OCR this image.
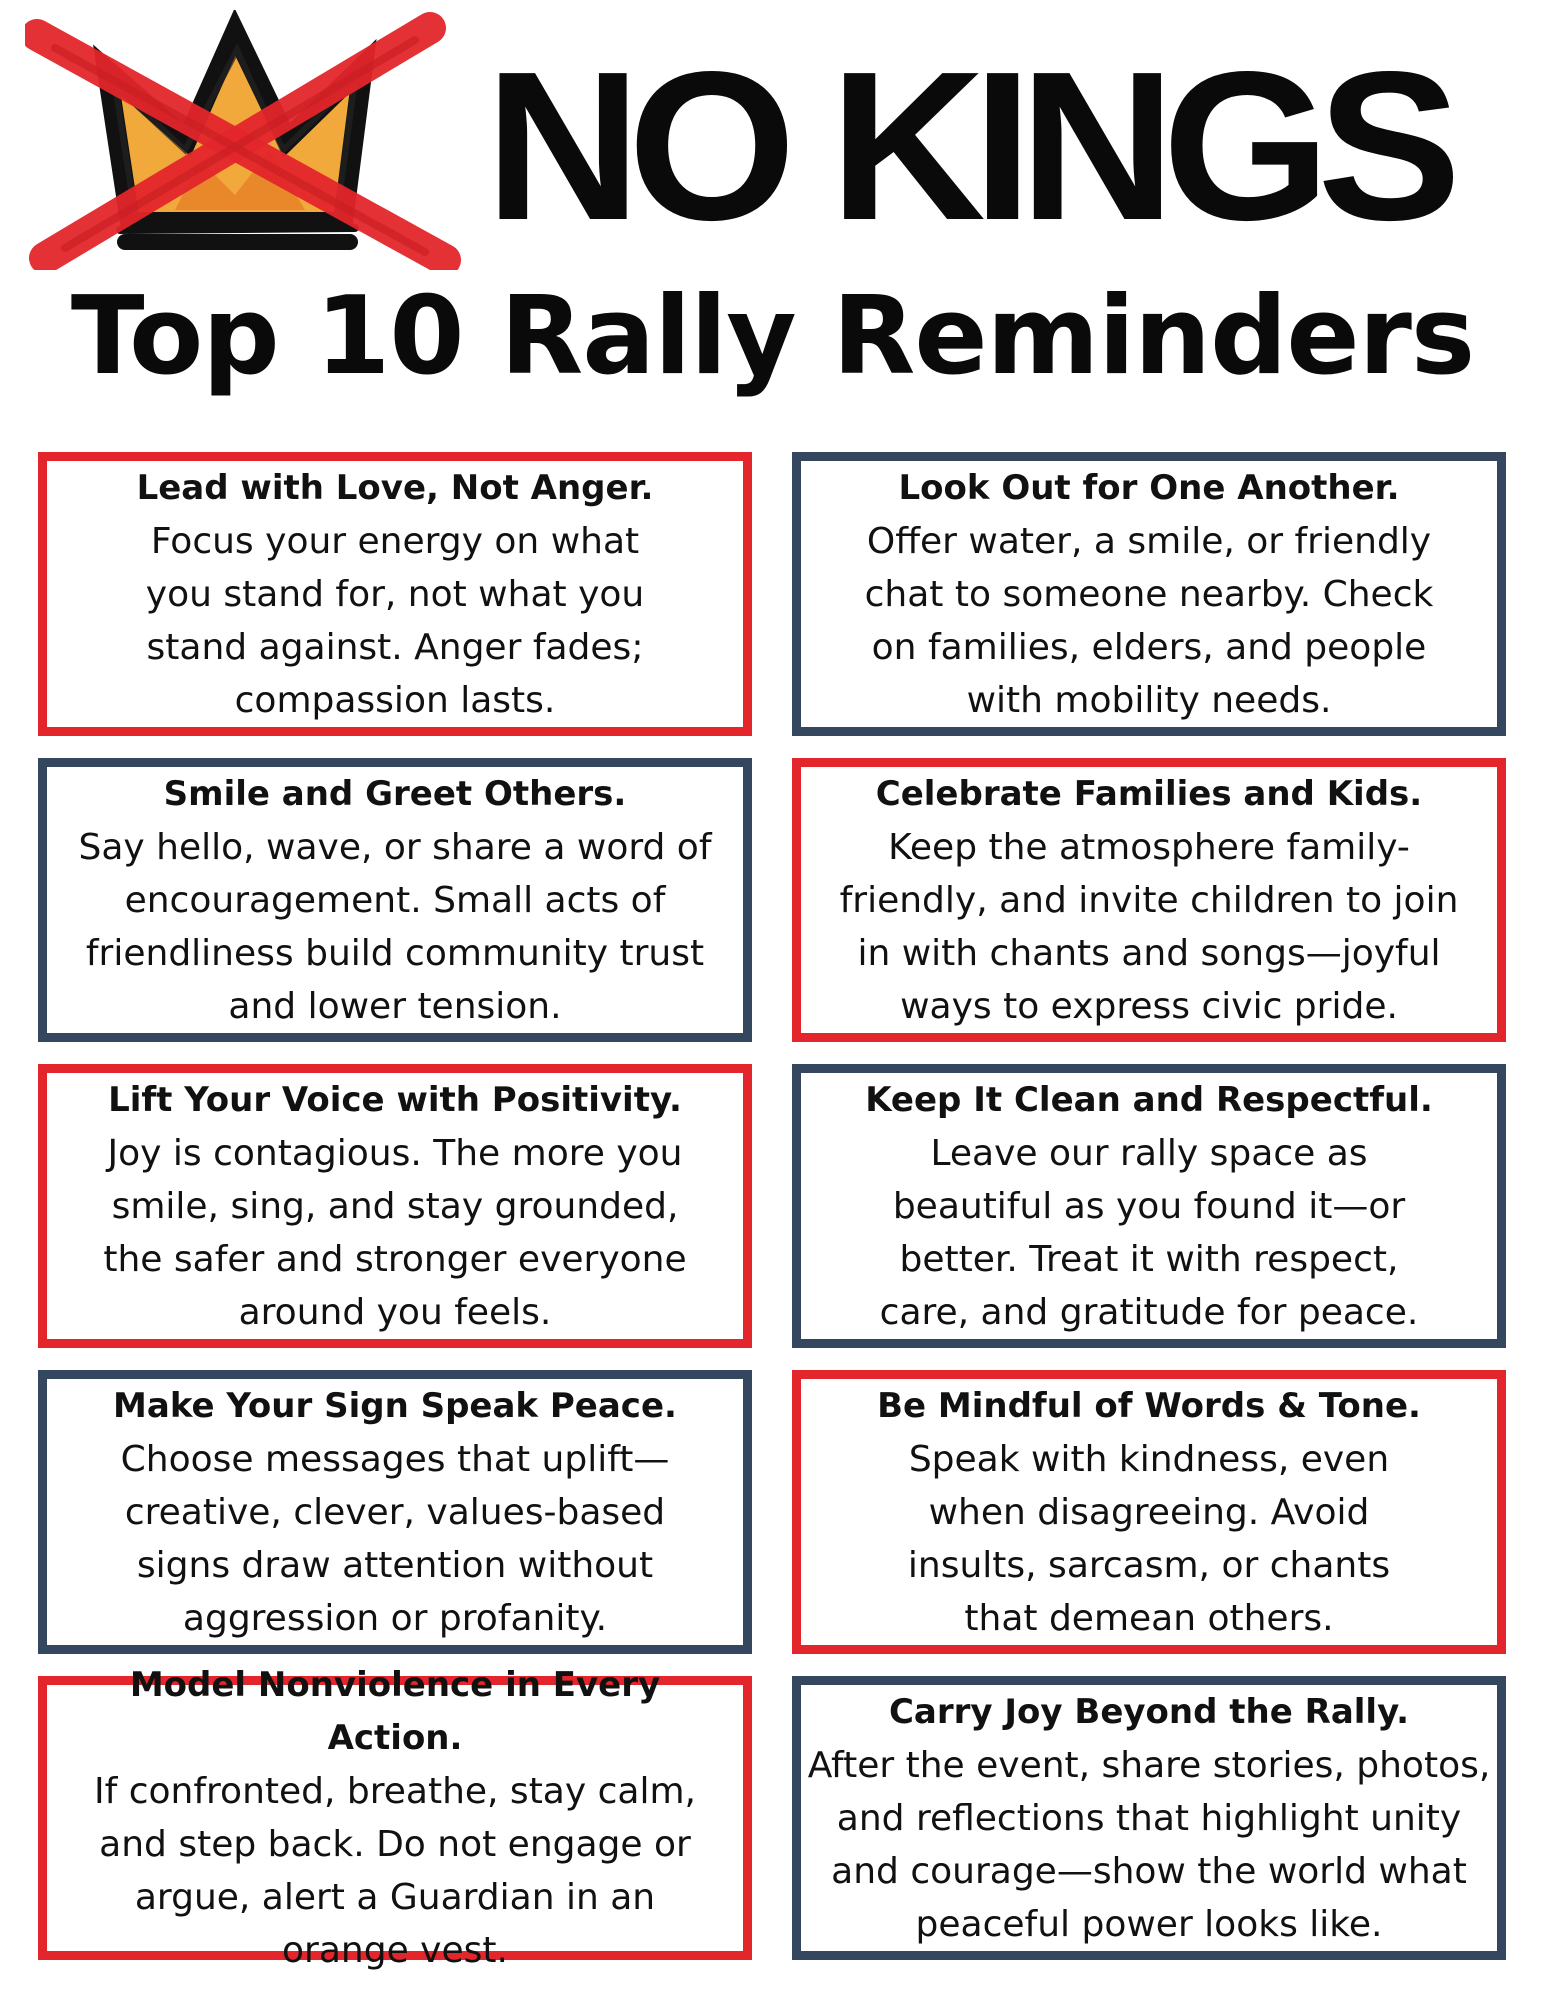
NO KINGS
Top 10 Rally Reminders
Lead with Love, Not Anger.
Focus your energy on what you stand for, not what you stand against. Anger fades; compassion lasts.
Look Out for One Another.
Offer water, a smile, or friendly chat to someone nearby. Check on families, elders, and people with mobility needs.
Smile and Greet Others.
Say hello, wave, or share a word of encouragement. Small acts of friendliness build community trust and lower tension.
Celebrate Families and Kids.
Keep the atmosphere family-friendly, and invite children to join in with chants and songs—joyful ways to express civic pride.
Lift Your Voice with Positivity.
Joy is contagious. The more you smile, sing, and stay grounded, the safer and stronger everyone around you feels.
Keep It Clean and Respectful.
Leave our rally space as beautiful as you found it—or better. Treat it with respect, care, and gratitude for peace.
Make Your Sign Speak Peace.
Choose messages that uplift—creative, clever, values-based signs draw attention without aggression or profanity.
Be Mindful of Words & Tone.
Speak with kindness, even when disagreeing. Avoid insults, sarcasm, or chants that demean others.
Model Nonviolence in Every Action.
If confronted, breathe, stay calm, and step back. Do not engage or argue, alert a Guardian in an orange vest.
Carry Joy Beyond the Rally.
After the event, share stories, photos, and reflections that highlight unity and courage—show the world what peaceful power looks like.
